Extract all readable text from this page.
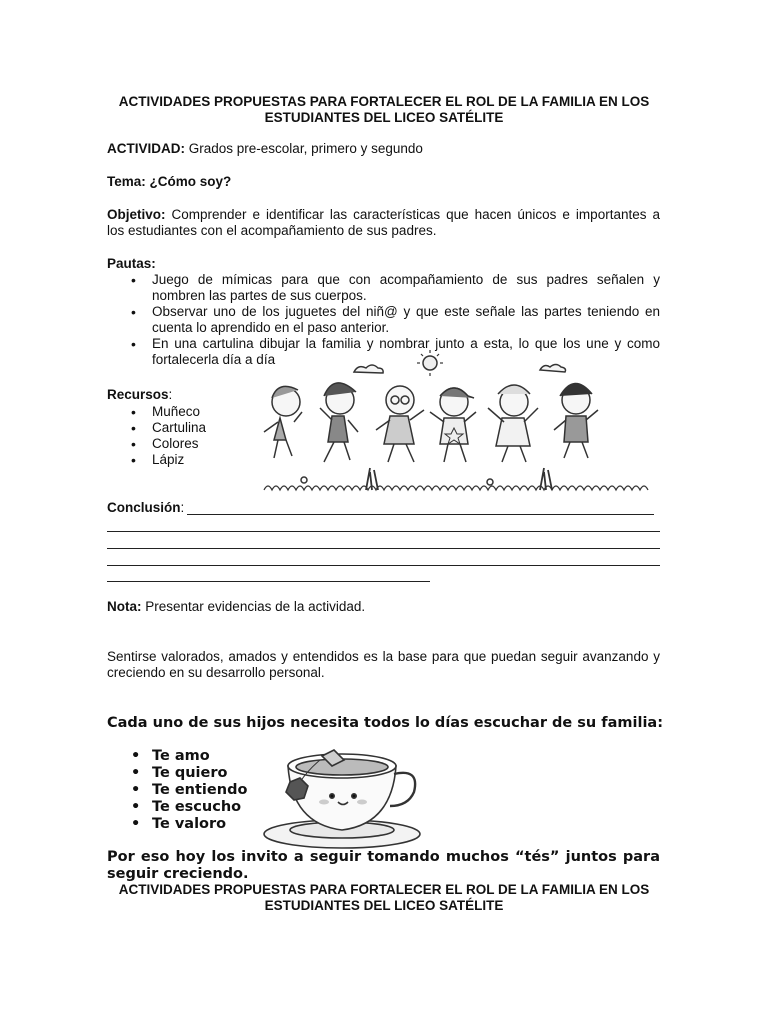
ACTIVIDADES PROPUESTAS PARA FORTALECER EL ROL DE LA FAMILIA EN LOS
ESTUDIANTES DEL LICEO SATÉLITE
ACTIVIDAD: Grados pre-escolar, primero y segundo
Tema: ¿Cómo soy?
Objetivo: Comprender e identificar las características que hacen únicos e importantes a
los estudiantes con el acompañamiento de sus padres.
Pautas:
• Juego de mímicas para que con acompañamiento de sus padres señalen y
nombren las partes de sus cuerpos.
• Observar uno de los juguetes del niñ@ y que este señale las partes teniendo en
cuenta lo aprendido en el paso anterior.
• En una cartulina dibujar la familia y nombrar junto a esta, lo que los une y como
fortalecerla día a día
Recursos:
• Muñeco
• Cartulina
• Colores
• Lápiz
Conclusión:
Nota: Presentar evidencias de la actividad.
Sentirse valorados, amados y entendidos es la base para que puedan seguir avanzando y
creciendo en su desarrollo personal.
Cada uno de sus hijos necesita todos lo días escuchar de su familia:
• Te amo
• Te quiero
• Te entiendo
• Te escucho
• Te valoro
Por eso hoy los invito a seguir tomando muchos “tés” juntos para
seguir creciendo.
ACTIVIDADES PROPUESTAS PARA FORTALECER EL ROL DE LA FAMILIA EN LOS
ESTUDIANTES DEL LICEO SATÉLITE
